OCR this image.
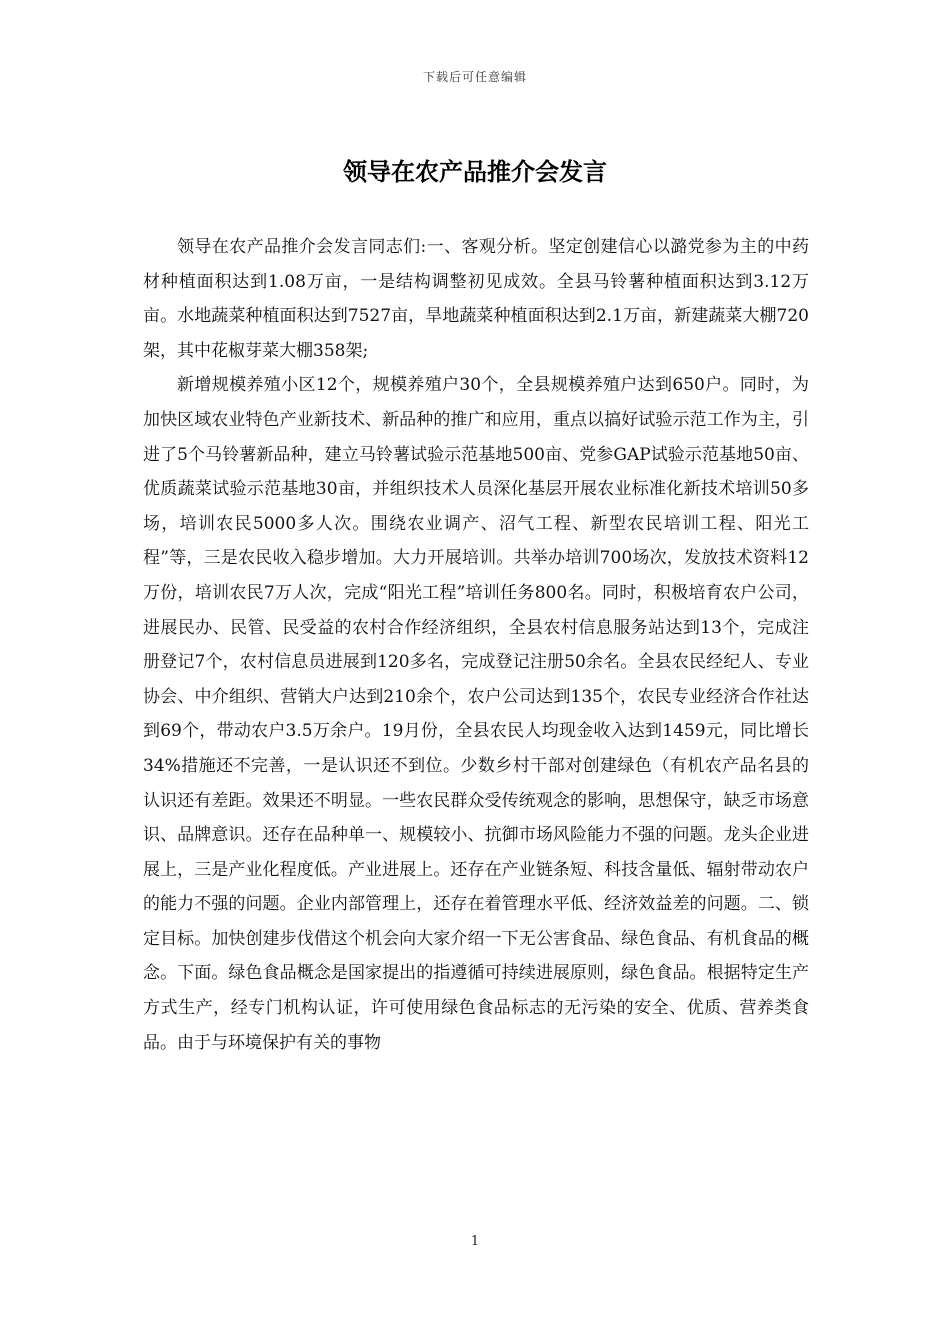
下载后可任意编辑
领导在农产品推介会发言

领导在农产品推介会发言同志们:一、客观分析。坚定创建信心以潞党参为主的中药材种植面积达到1.08万亩，一是结构调整初见成效。全县马铃薯种植面积达到3.12万亩。水地蔬菜种植面积达到7527亩，旱地蔬菜种植面积达到2.1万亩，新建蔬菜大棚720架，其中花椒芽菜大棚358架;

新增规模养殖小区12个，规模养殖户30个，全县规模养殖户达到650户。同时，为加快区域农业特色产业新技术、新品种的推广和应用，重点以搞好试验示范工作为主，引进了5个马铃薯新品种，建立马铃薯试验示范基地500亩、党参GAP试验示范基地50亩、优质蔬菜试验示范基地30亩，并组织技术人员深化基层开展农业标准化新技术培训50多场，培训农民5000多人次。围绕农业调产、沼气工程、新型农民培训工程、阳光工程”等，三是农民收入稳步增加。大力开展培训。共举办培训700场次，发放技术资料12万份，培训农民7万人次，完成“阳光工程”培训任务800名。同时，积极培育农户公司，进展民办、民管、民受益的农村合作经济组织，全县农村信息服务站达到13个，完成注册登记7个，农村信息员进展到120多名，完成登记注册50余名。全县农民经纪人、专业协会、中介组织、营销大户达到210余个，农户公司达到135个，农民专业经济合作社达到69个，带动农户3.5万余户。19月份，全县农民人均现金收入达到1459元，同比增长34%措施还不完善，一是认识还不到位。少数乡村干部对创建绿色（有机农产品名县的认识还有差距。效果还不明显。一些农民群众受传统观念的影响，思想保守，缺乏市场意识、品牌意识。还存在品种单一、规模较小、抗御市场风险能力不强的问题。龙头企业进展上，三是产业化程度低。产业进展上。还存在产业链条短、科技含量低、辐射带动农户的能力不强的问题。企业内部管理上，还存在着管理水平低、经济效益差的问题。二、锁定目标。加快创建步伐借这个机会向大家介绍一下无公害食品、绿色食品、有机食品的概念。下面。绿色食品概念是国家提出的指遵循可持续进展原则，绿色食品。根据特定生产方式生产，经专门机构认证，许可使用绿色食品标志的无污染的安全、优质、营养类食品。由于与环境保护有关的事物

1
